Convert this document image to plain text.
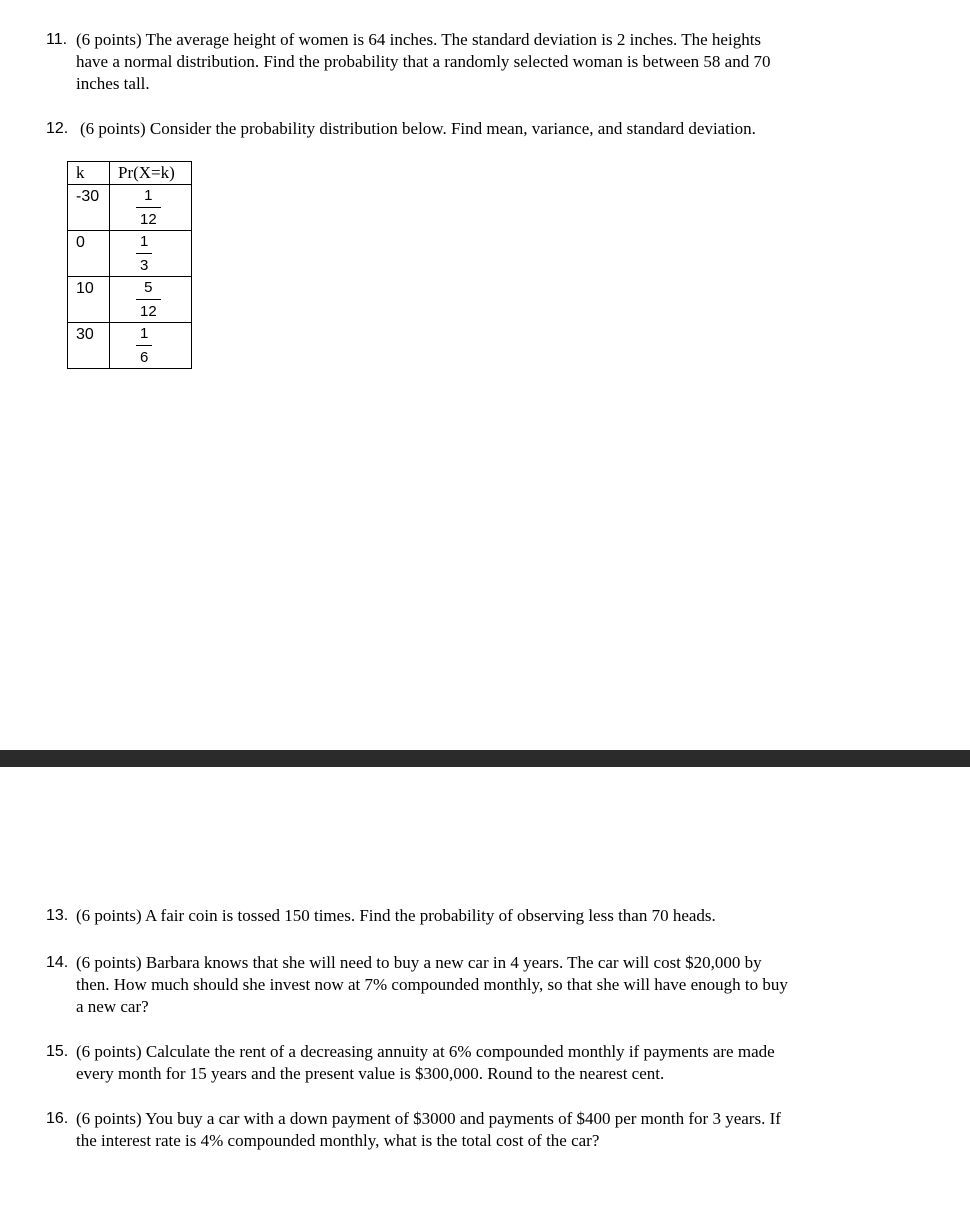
11. (6 points) The average height of women is 64 inches. The standard deviation is 2 inches. The heights
have a normal distribution. Find the probability that a randomly selected woman is between 58 and 70
inches tall.
12. (6 points) Consider the probability distribution below. Find mean, variance, and standard deviation.
k	Pr(X=k)
-30	$\frac{1}{12}$

0	$\frac{1}{3}$

10	$\frac{5}{12}$

30	$\frac{1}{6}$
13. (6 points) A fair coin is tossed 150 times. Find the probability of observing less than 70 heads.
14. (6 points) Barbara knows that she will need to buy a new car in 4 years. The car will cost $20,000 by
then. How much should she invest now at 7% compounded monthly, so that she will have enough to buy
a new car?
15. (6 points) Calculate the rent of a decreasing annuity at 6% compounded monthly if payments are made
every month for 15 years and the present value is $300,000. Round to the nearest cent.
16. (6 points) You buy a car with a down payment of $3000 and payments of $400 per month for 3 years. If
the interest rate is 4% compounded monthly, what is the total cost of the car?
